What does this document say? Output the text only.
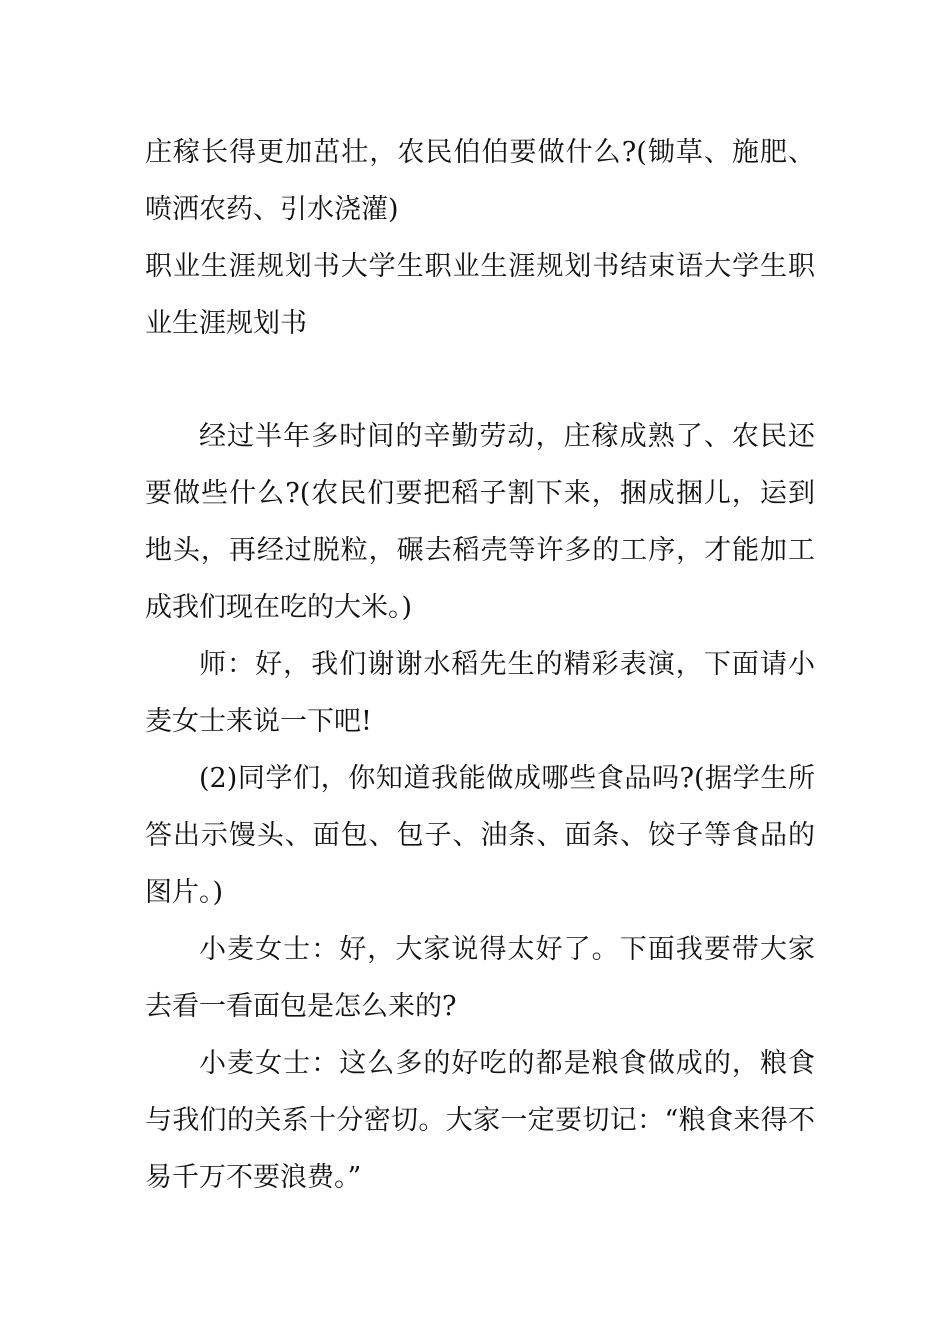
庄稼长得更加茁壮，农民伯伯要做什么?(锄草、施肥、喷洒农药、引水浇灌)

职业生涯规划书大学生职业生涯规划书结束语大学生职业生涯规划书

经过半年多时间的辛勤劳动，庄稼成熟了、农民还要做些什么?(农民们要把稻子割下来，捆成捆儿，运到地头，再经过脱粒，碾去稻壳等许多的工序，才能加工成我们现在吃的大米。)

师：好，我们谢谢水稻先生的精彩表演，下面请小麦女士来说一下吧!

(2)同学们，你知道我能做成哪些食品吗?(据学生所答出示馒头、面包、包子、油条、面条、饺子等食品的图片。)

小麦女士：好，大家说得太好了。下面我要带大家去看一看面包是怎么来的?

小麦女士：这么多的好吃的都是粮食做成的，粮食与我们的关系十分密切。大家一定要切记：“粮食来得不易千万不要浪费。”
